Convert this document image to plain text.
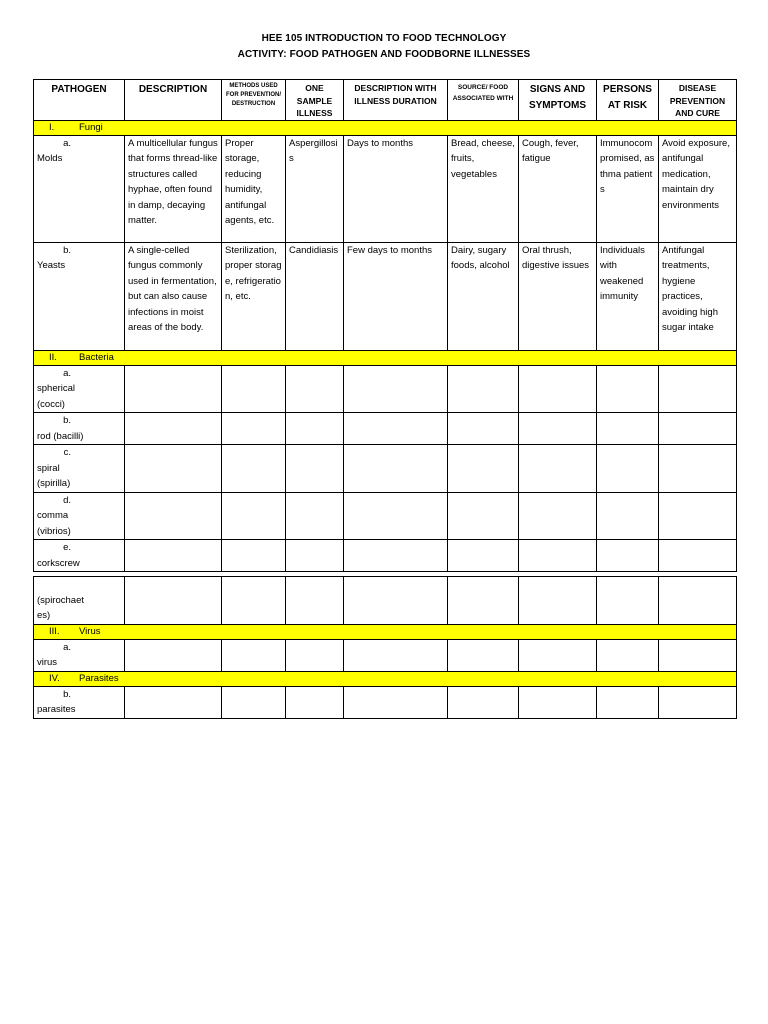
HEE 105 INTRODUCTION TO FOOD TECHNOLOGY
ACTIVITY: FOOD PATHOGEN AND FOODBORNE ILLNESSES
PATHOGEN	DESCRIPTION	METHODS USED FOR PREVENTION/ DESTRUCTION	ONE SAMPLE ILLNESS	DESCRIPTION WITH ILLNESS DURATION	SOURCE/ FOOD ASSOCIATED WITH	SIGNS AND SYMPTOMS	PERSONS AT RISK	DISEASE PREVENTION AND CURE
I. Fungi								
a.Molds	A multicellular fungus that forms thread-like structures called hyphae, often found in damp, decaying matter.	Proper storage, reducing humidity, antifungal agents, etc.	Aspergillosis	Days to months	Bread, cheese, fruits, vegetables	Cough, fever, fatigue	Immunocompromised, asthma patients	Avoid exposure, antifungal medication, maintain dry environments
b.Yeasts	A single-celled fungus commonly used in fermentation, but can also cause infections in moist areas of the body.	Sterilization, proper storage, refrigeration, etc.	Candidiasis	Few days to months	Dairy, sugary foods, alcohol	Oral thrush, digestive issues	Individuals with weakened immunity	Antifungal treatments, hygiene practices, avoiding high sugar intake
II. Bacteria								
a.spherical (cocci)								
b.rod (bacilli)								
c.spiral (spirilla)								
d.comma (vibrios)								
e.corkscrew								
(spirochaetes)								
III. Virus								
a.virus								
IV. Parasites								
b.parasites								
